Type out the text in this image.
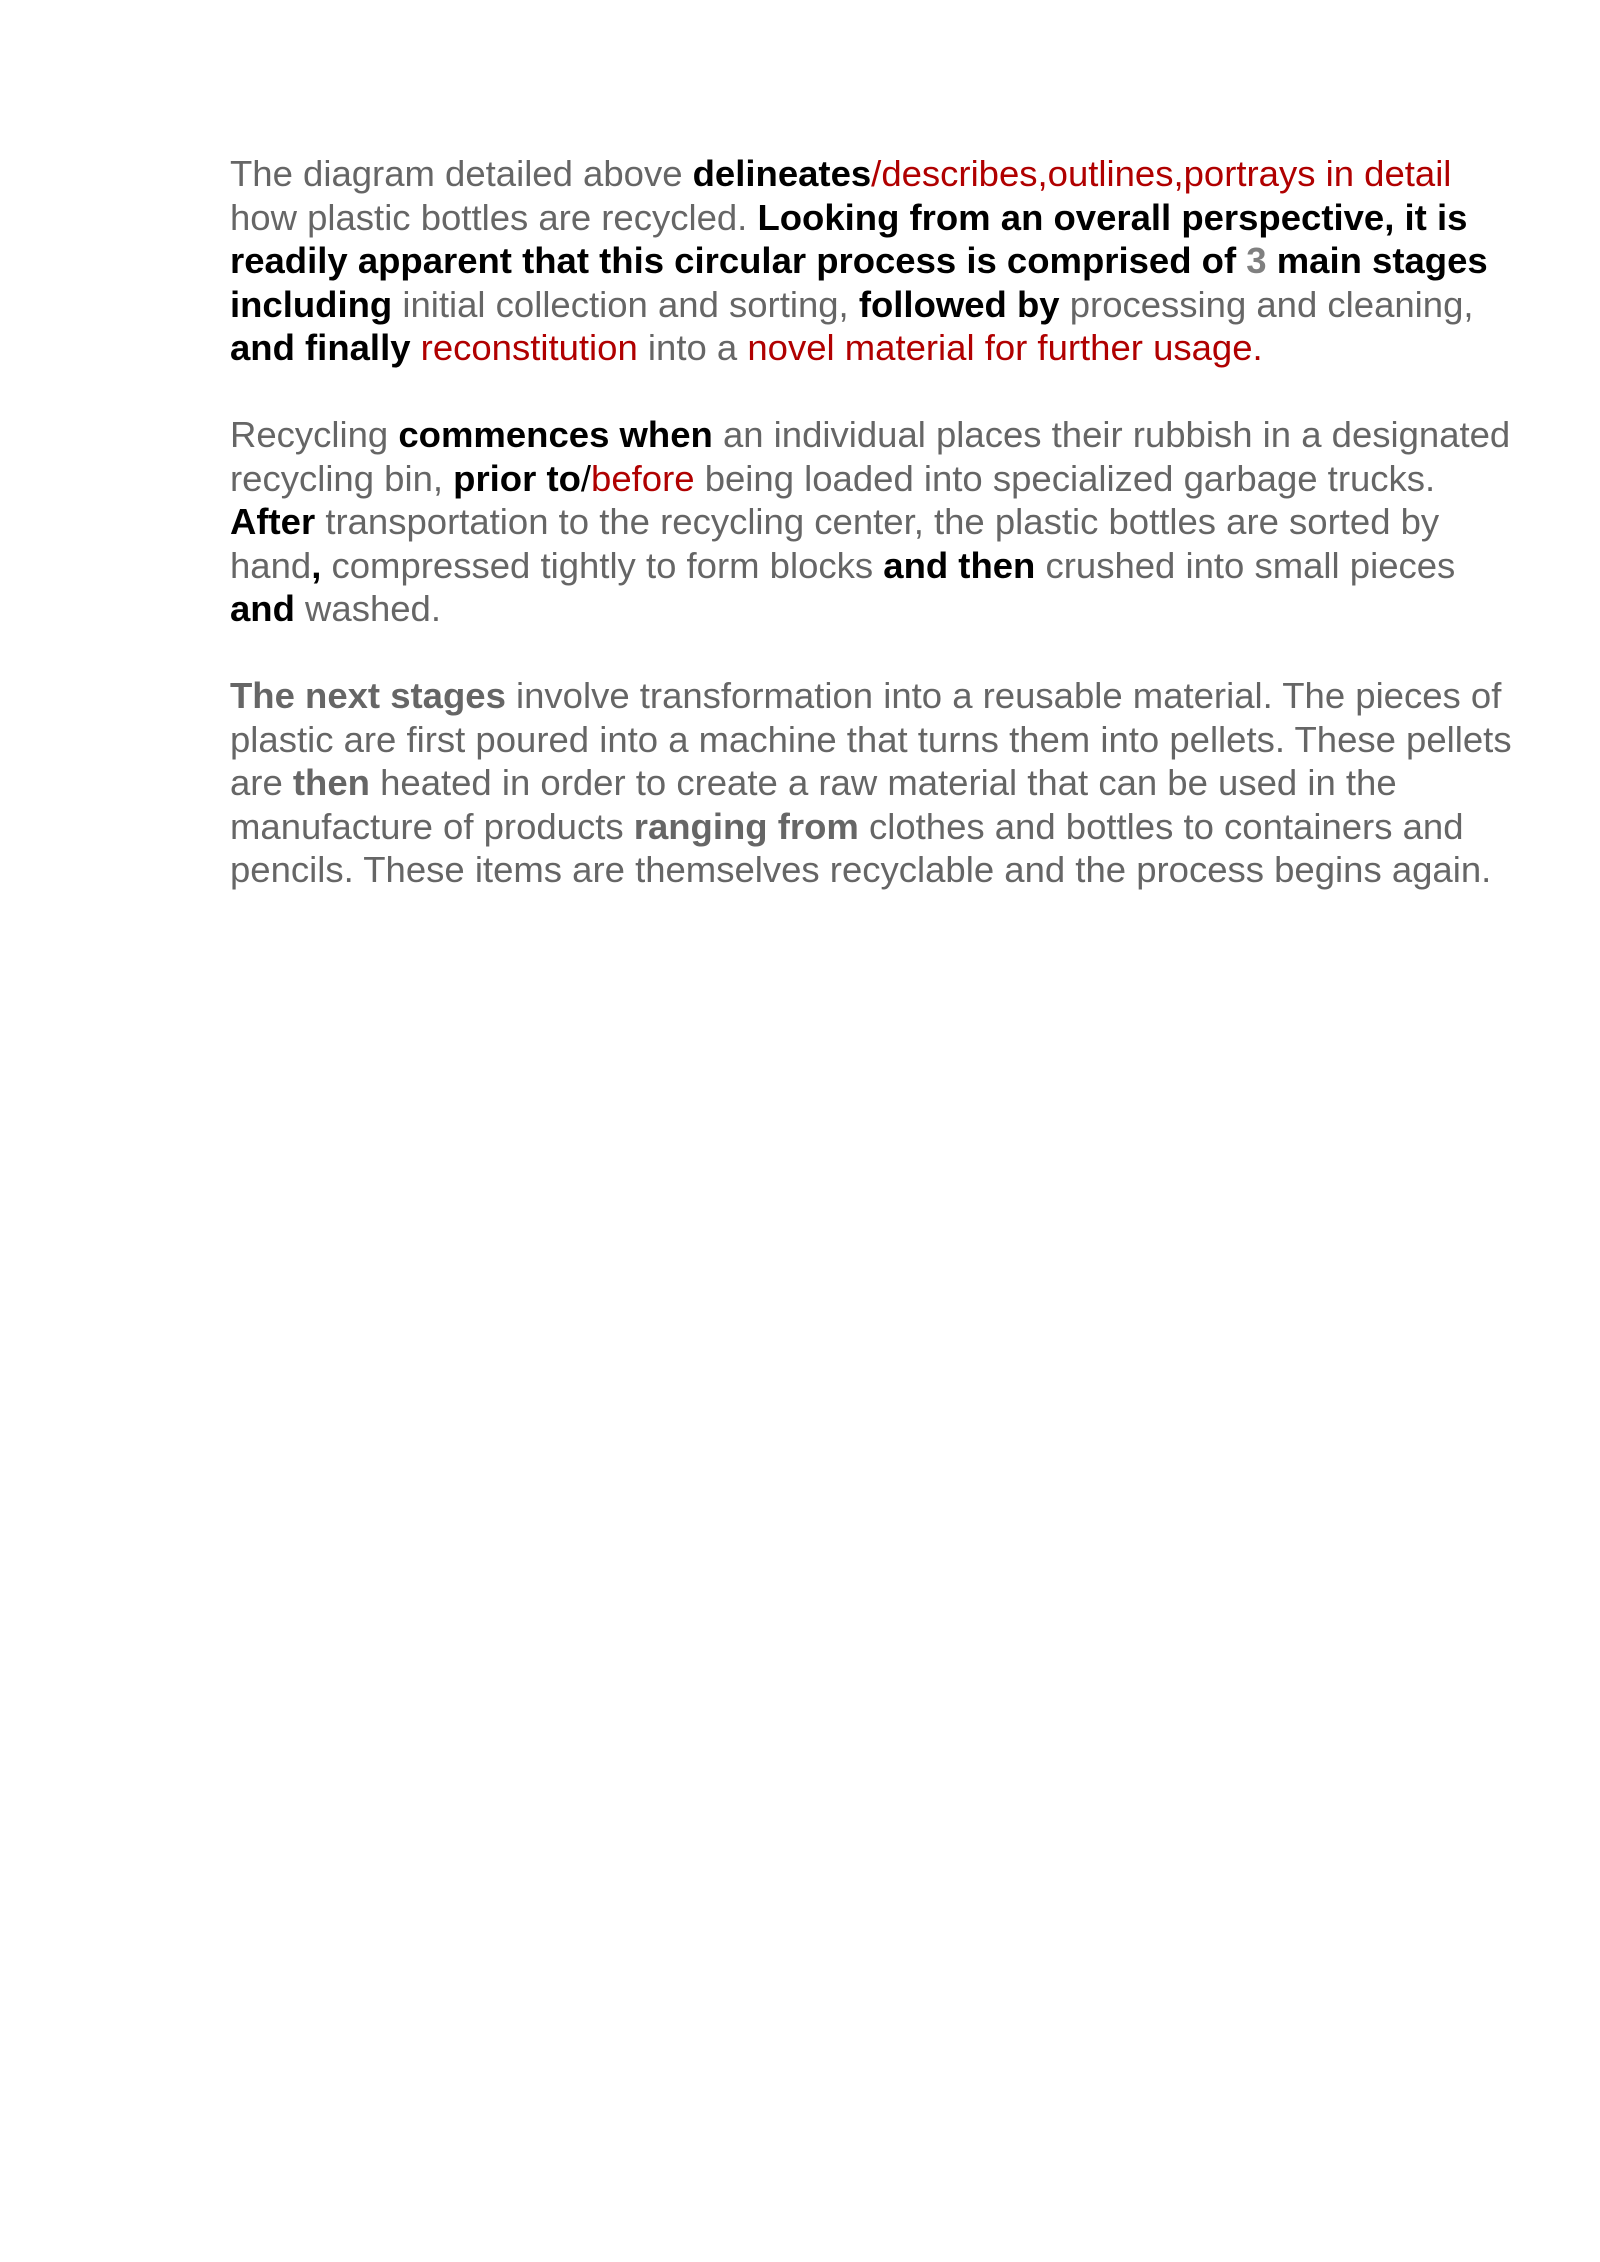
The diagram detailed above delineates/describes,outlines,portrays in detail how plastic bottles are recycled. Looking from an overall perspective, it is readily apparent that this circular process is comprised of 3 main stages including initial collection and sorting, followed by processing and cleaning, and finally reconstitution into a novel material for further usage.

Recycling commences when an individual places their rubbish in a designated recycling bin, prior to/before being loaded into specialized garbage trucks. After transportation to the recycling center, the plastic bottles are sorted by hand, compressed tightly to form blocks and then crushed into small pieces and washed.

The next stages involve transformation into a reusable material. The pieces of plastic are first poured into a machine that turns them into pellets. These pellets are then heated in order to create a raw material that can be used in the manufacture of products ranging from clothes and bottles to containers and pencils. These items are themselves recyclable and the process begins again.
